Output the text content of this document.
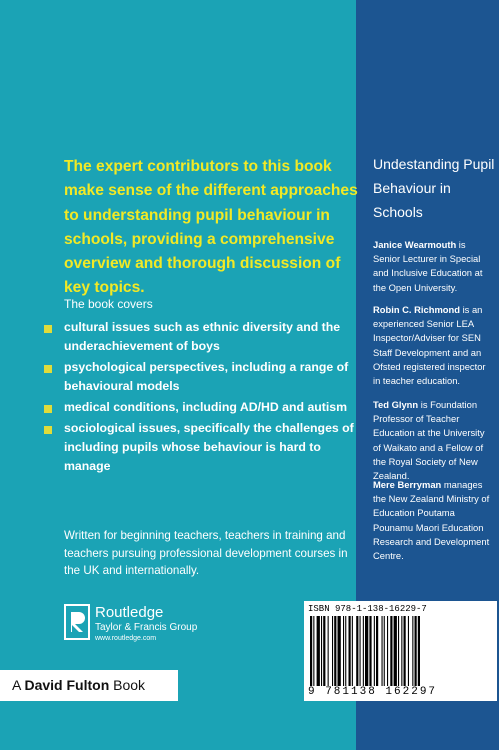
The expert contributors to this book make sense of the different approaches to understanding pupil behaviour in schools, providing a comprehensive overview and thorough discussion of key topics.
The book covers
cultural issues such as ethnic diversity and the underachievement of boys
psychological perspectives, including a range of behavioural models
medical conditions, including AD/HD and autism
sociological issues, specifically the challenges of including pupils whose behaviour is hard to manage
Written for beginning teachers, teachers in training and teachers pursuing professional development courses in the UK and internationally.
Routledge
Taylor & Francis Group
www.routledge.com
A David Fulton Book
Undestanding Pupil Behaviour in Schools
Janice Wearmouth is Senior Lecturer in Special and Inclusive Education at the Open University.
Robin C. Richmond is an experienced Senior LEA Inspector/Adviser for SEN Staff Development and an Ofsted registered inspector in teacher education.
Ted Glynn is Foundation Professor of Teacher Education at the University of Waikato and a Fellow of the Royal Society of New Zealand.
Mere Berryman manages the New Zealand Ministry of Education Poutama Pounamu Maori Education Research and Development Centre.
ISBN 978-1-138-16229-7
9 781138 162297
